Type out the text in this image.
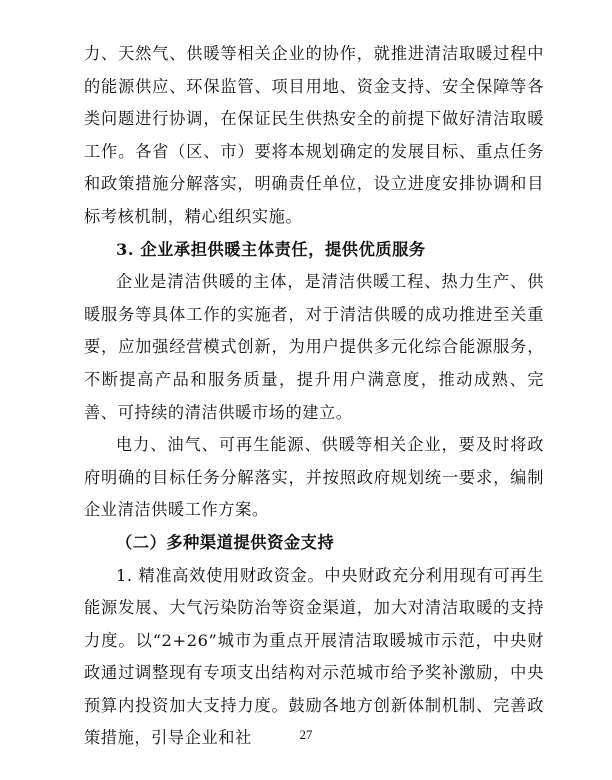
力、天然气、供暖等相关企业的协作，就推进清洁取暖过程中的能源供应、环保监管、项目用地、资金支持、安全保障等各类问题进行协调，在保证民生供热安全的前提下做好清洁取暖工作。各省（区、市）要将本规划确定的发展目标、重点任务和政策措施分解落实，明确责任单位，设立进度安排协调和目标考核机制，精心组织实施。

3. 企业承担供暖主体责任，提供优质服务

企业是清洁供暖的主体，是清洁供暖工程、热力生产、供暖服务等具体工作的实施者，对于清洁供暖的成功推进至关重要，应加强经营模式创新，为用户提供多元化综合能源服务，不断提高产品和服务质量，提升用户满意度，推动成熟、完善、可持续的清洁供暖市场的建立。

电力、油气、可再生能源、供暖等相关企业，要及时将政府明确的目标任务分解落实，并按照政府规划统一要求，编制企业清洁供暖工作方案。

（二）多种渠道提供资金支持

1. 精准高效使用财政资金。中央财政充分利用现有可再生能源发展、大气污染防治等资金渠道，加大对清洁取暖的支持力度。以“2+26”城市为重点开展清洁取暖城市示范，中央财政通过调整现有专项支出结构对示范城市给予奖补激励，中央预算内投资加大支持力度。鼓励各地方创新体制机制、完善政策措施，引导企业和社	27
